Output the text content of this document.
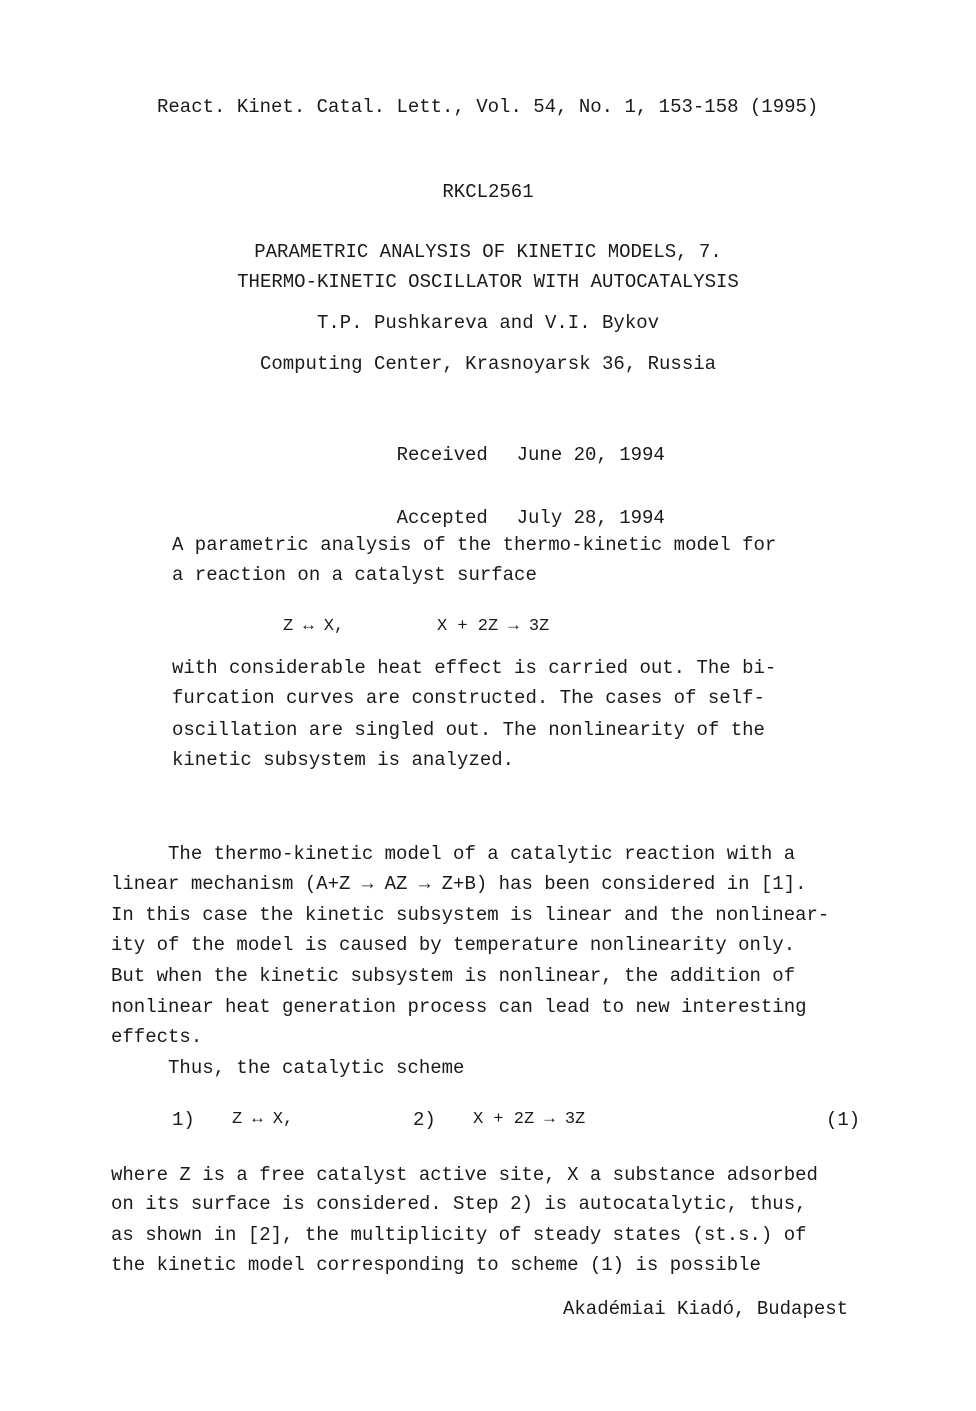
React. Kinet. Catal. Lett., Vol. 54, No. 1, 153-158 (1995)
RKCL2561
PARAMETRIC ANALYSIS OF KINETIC MODELS, 7.
THERMO-KINETIC OSCILLATOR WITH AUTOCATALYSIS
T.P. Pushkareva and V.I. Bykov
Computing Center, Krasnoyarsk 36, Russia

Received June 20, 1994

Accepted July 28, 1994

A parametric analysis of the thermo-kinetic model for
a reaction on a catalyst surface
Z ↔ X,	X + 2Z → 3Z
with considerable heat effect is carried out. The bi-
furcation curves are constructed. The cases of self-
oscillation are singled out. The nonlinearity of the
kinetic subsystem is analyzed.
The thermo-kinetic model of a catalytic reaction with a
linear mechanism (A+Z → AZ → Z+B) has been considered in [1].
In this case the kinetic subsystem is linear and the nonlinear-
ity of the model is caused by temperature nonlinearity only.
But when the kinetic subsystem is nonlinear, the addition of
nonlinear heat generation process can lead to new interesting
effects.
Thus, the catalytic scheme
1) Z ↔ X,	2) X + 2Z → 3Z	(1)
where Z is a free catalyst active site, X a substance adsorbed
on its surface is considered. Step 2) is autocatalytic, thus,
as shown in [2], the multiplicity of steady states (st.s.) of
the kinetic model corresponding to scheme (1) is possible
Akadémiai Kiadó, Budapest
